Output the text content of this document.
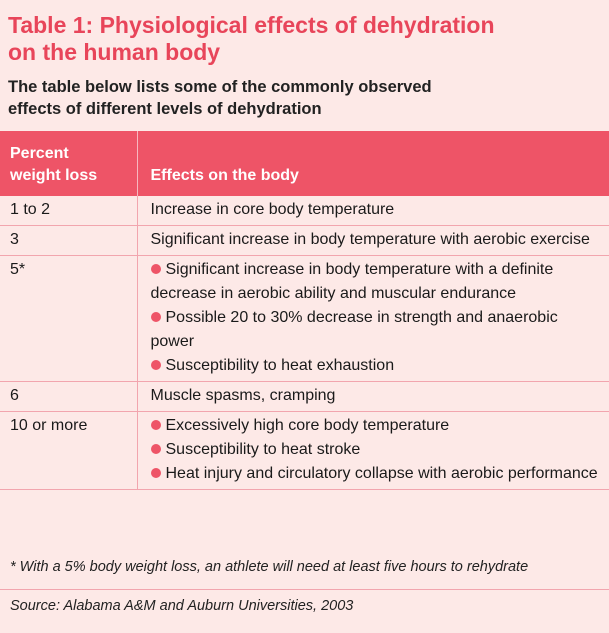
Table 1: Physiological effects of dehydration
on the human body

The table below lists some of the commonly observed
effects of different levels of dehydration

Percent
weight loss	Effects on the body
1 to 2	Increase in core body temperature

3	Significant increase in body temperature with aerobic exercise

5*	Significant increase in body temperature with a definite decrease in aerobic ability and muscular endurance
Possible 20 to 30% decrease in strength and anaerobic power
Susceptibility to heat exhaustion

6	Muscle spasms, cramping

10 or more	Excessively high core body temperature
Susceptibility to heat stroke
Heat injury and circulatory collapse with aerobic performance
* With a 5% body weight loss, an athlete will need at least five hours to rehydrate
Source: Alabama A&M and Auburn Universities, 2003
